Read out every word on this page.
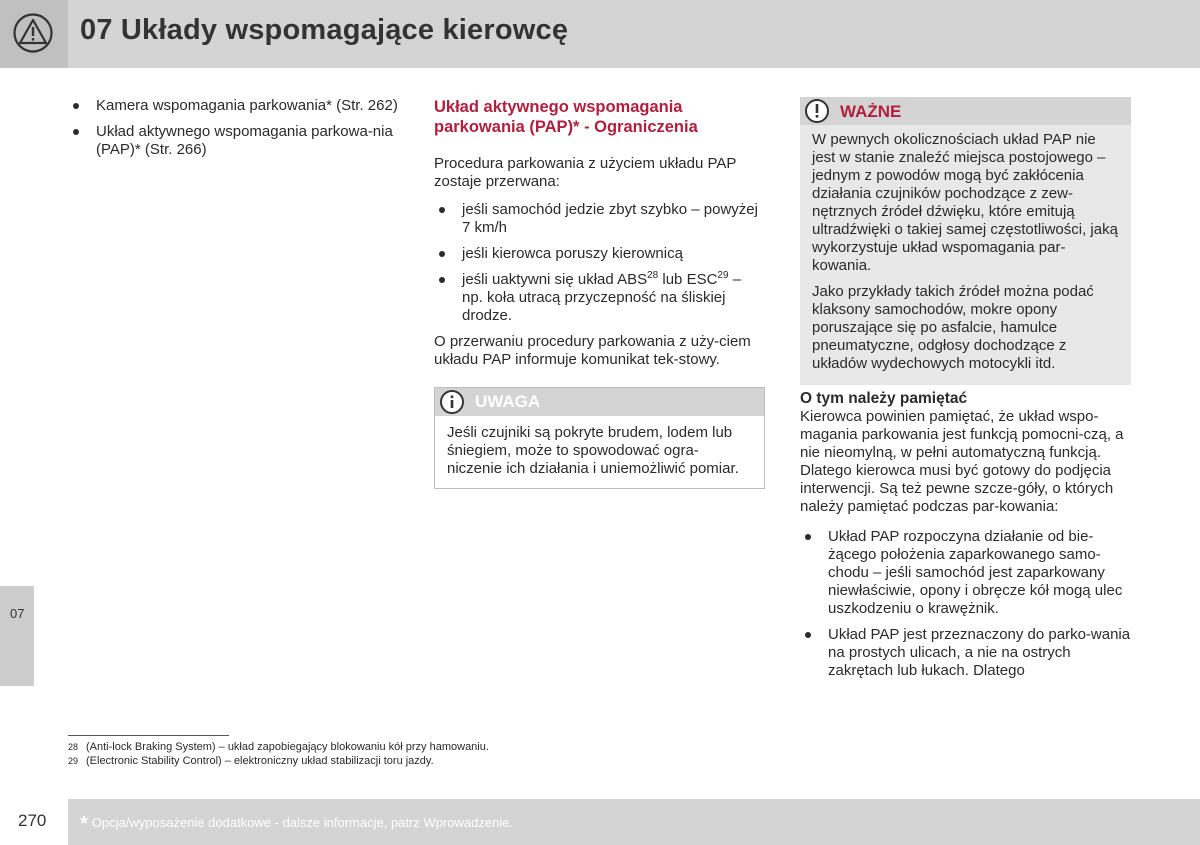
07 Układy wspomagające kierowcę
07
Kamera wspomagania parkowania* (Str. 262)
Układ aktywnego wspomagania parkowa-nia (PAP)* (Str. 266)
Układ aktywnego wspomagania parkowania (PAP)* - Ograniczenia

Procedura parkowania z użyciem układu PAP zostaje przerwana:

jeśli samochód jedzie zbyt szybko – powyżej 7 km/h
jeśli kierowca poruszy kierownicą
jeśli uaktywni się układ ABS$^{28}$ lub ESC$^{29}$ – np. koła utracą przyczepność na śliskiej drodze.

O przerwaniu procedury parkowania z uży-ciem układu PAP informuje komunikat tek-stowy.

UWAGA

Jeśli czujniki są pokryte brudem, lodem lub śniegiem, może to spowodować ogra-niczenie ich działania i uniemożliwić pomiar.

WAŻNE

W pewnych okolicznościach układ PAP nie jest w stanie znaleźć miejsca postojowego – jednym z powodów mogą być zakłócenia działania czujników pochodzące z zew-nętrznych źródeł dźwięku, które emitują ultradźwięki o takiej samej częstotliwości, jaką wykorzystuje układ wspomagania par-kowania.

Jako przykłady takich źródeł można podać klaksony samochodów, mokre opony poruszające się po asfalcie, hamulce pneumatyczne, odgłosy dochodzące z układów wydechowych motocykli itd.

O tym należy pamiętać

Kierowca powinien pamiętać, że układ wspo-magania parkowania jest funkcją pomocni-czą, a nie nieomylną, w pełni automatyczną funkcją. Dlatego kierowca musi być gotowy do podjęcia interwencji. Są też pewne szcze-góły, o których należy pamiętać podczas par-kowania:

Układ PAP rozpoczyna działanie od bie-żącego położenia zaparkowanego samo-chodu – jeśli samochód jest zaparkowany niewłaściwie, opony i obręcze kół mogą ulec uszkodzeniu o krawężnik.
Układ PAP jest przeznaczony do parko-wania na prostych ulicach, a nie na ostrych zakrętach lub łukach. Dlatego
28 (Anti-lock Braking System) – układ zapobiegający blokowaniu kół przy hamowaniu.
29 (Electronic Stability Control) – elektroniczny układ stabilizacji toru jazdy.
270 * Opcja/wyposażenie dodatkowe - dalsze informacje, patrz Wprowadzenie.
